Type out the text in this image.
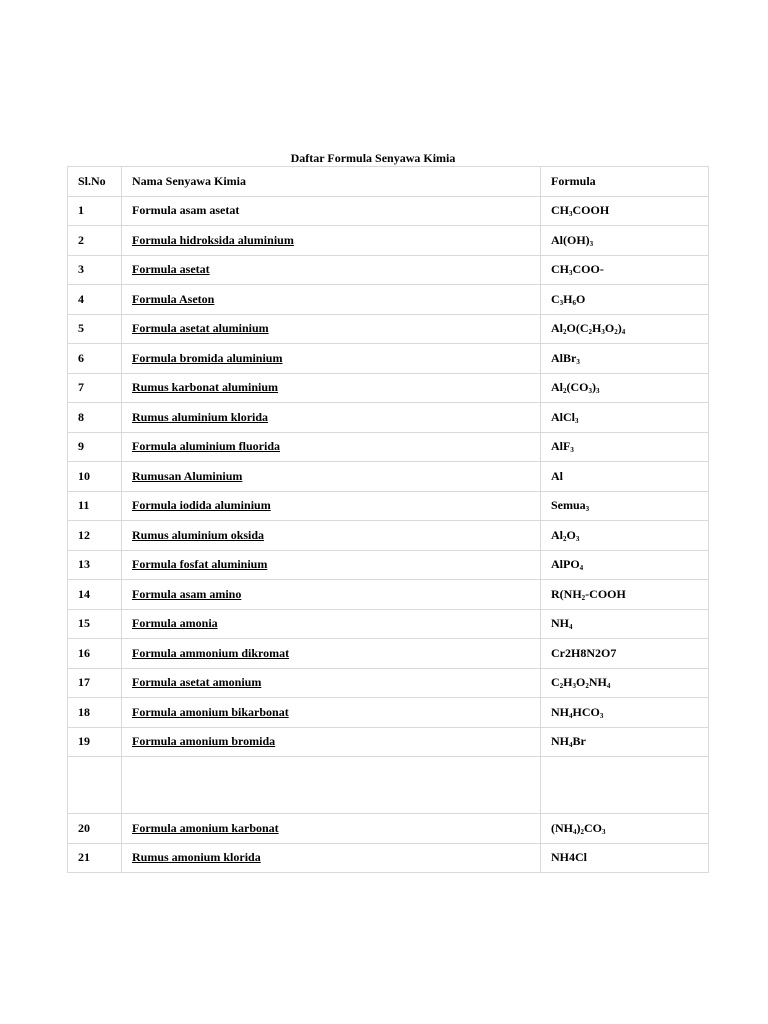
Daftar Formula Senyawa Kimia
Sl.No	Nama Senyawa Kimia	Formula
1	Formula asam asetat	$CH_3COOH$
2	Formula hidroksida aluminium	$Al(OH)_3$
3	Formula asetat	$CH_3COO-$
4	Formula Aseton	$C_3H_6O$
5	Formula asetat aluminium	$Al_2O(C_2H_3O_2)_4$
6	Formula bromida aluminium	AlBr$_3$
7	Rumus karbonat aluminium	$Al_2(CO_3)_3$
8	Rumus aluminium klorida	AlCl$_3$
9	Formula aluminium fluorida	AlF$_3$
10	Rumusan Aluminium	Al
11	Formula iodida aluminium	Semua$_3$
12	Rumus aluminium oksida	$Al_2O_3$
13	Formula fosfat aluminium	AlPO$_4$
14	Formula asam amino	$R(NH_2$-COOH
15	Formula amonia	$NH_4$
16	Formula ammonium dikromat	Cr2H8N2O7
17	Formula asetat amonium	$C_2H_3O_2NH_4$
18	Formula amonium bikarbonat	$NH_4HCO_3$
19	Formula amonium bromida	$NH_4Br$

20	Formula amonium karbonat	$(NH_4)_2CO_3$
21	Rumus amonium klorida	NH4Cl
